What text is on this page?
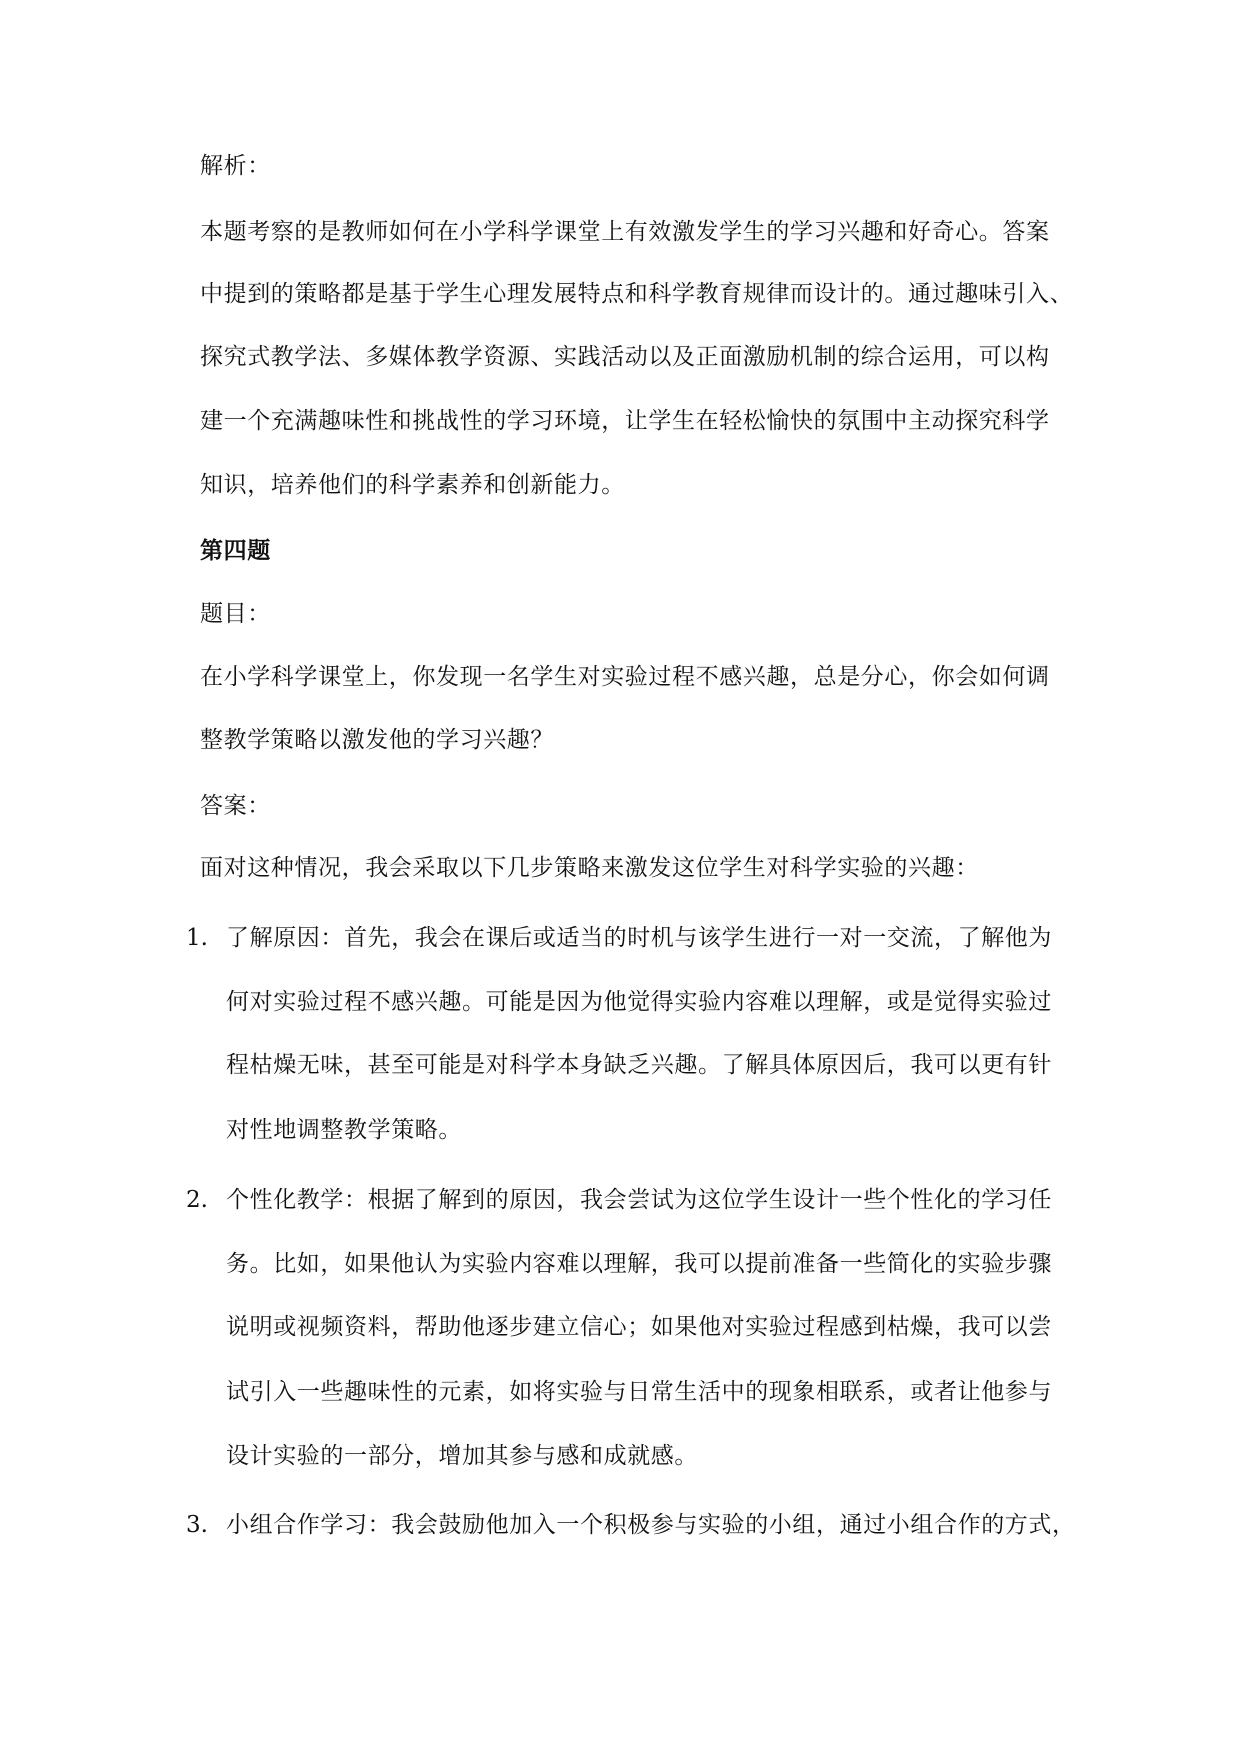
解析：
本题考察的是教师如何在小学科学课堂上有效激发学生的学习兴趣和好奇心。答案
中提到的策略都是基于学生心理发展特点和科学教育规律而设计的。通过趣味引入、
探究式教学法、多媒体教学资源、实践活动以及正面激励机制的综合运用，可以构
建一个充满趣味性和挑战性的学习环境，让学生在轻松愉快的氛围中主动探究科学
知识，培养他们的科学素养和创新能力。
第四题
题目：
在小学科学课堂上，你发现一名学生对实验过程不感兴趣，总是分心，你会如何调
整教学策略以激发他的学习兴趣？
答案：
面对这种情况，我会采取以下几步策略来激发这位学生对科学实验的兴趣：
1. 了解原因：首先，我会在课后或适当的时机与该学生进行一对一交流，了解他为
何对实验过程不感兴趣。可能是因为他觉得实验内容难以理解，或是觉得实验过
程枯燥无味，甚至可能是对科学本身缺乏兴趣。了解具体原因后，我可以更有针
对性地调整教学策略。
2. 个性化教学：根据了解到的原因，我会尝试为这位学生设计一些个性化的学习任
务。比如，如果他认为实验内容难以理解，我可以提前准备一些简化的实验步骤
说明或视频资料，帮助他逐步建立信心；如果他对实验过程感到枯燥，我可以尝
试引入一些趣味性的元素，如将实验与日常生活中的现象相联系，或者让他参与
设计实验的一部分，增加其参与感和成就感。
3. 小组合作学习：我会鼓励他加入一个积极参与实验的小组，通过小组合作的方式，
